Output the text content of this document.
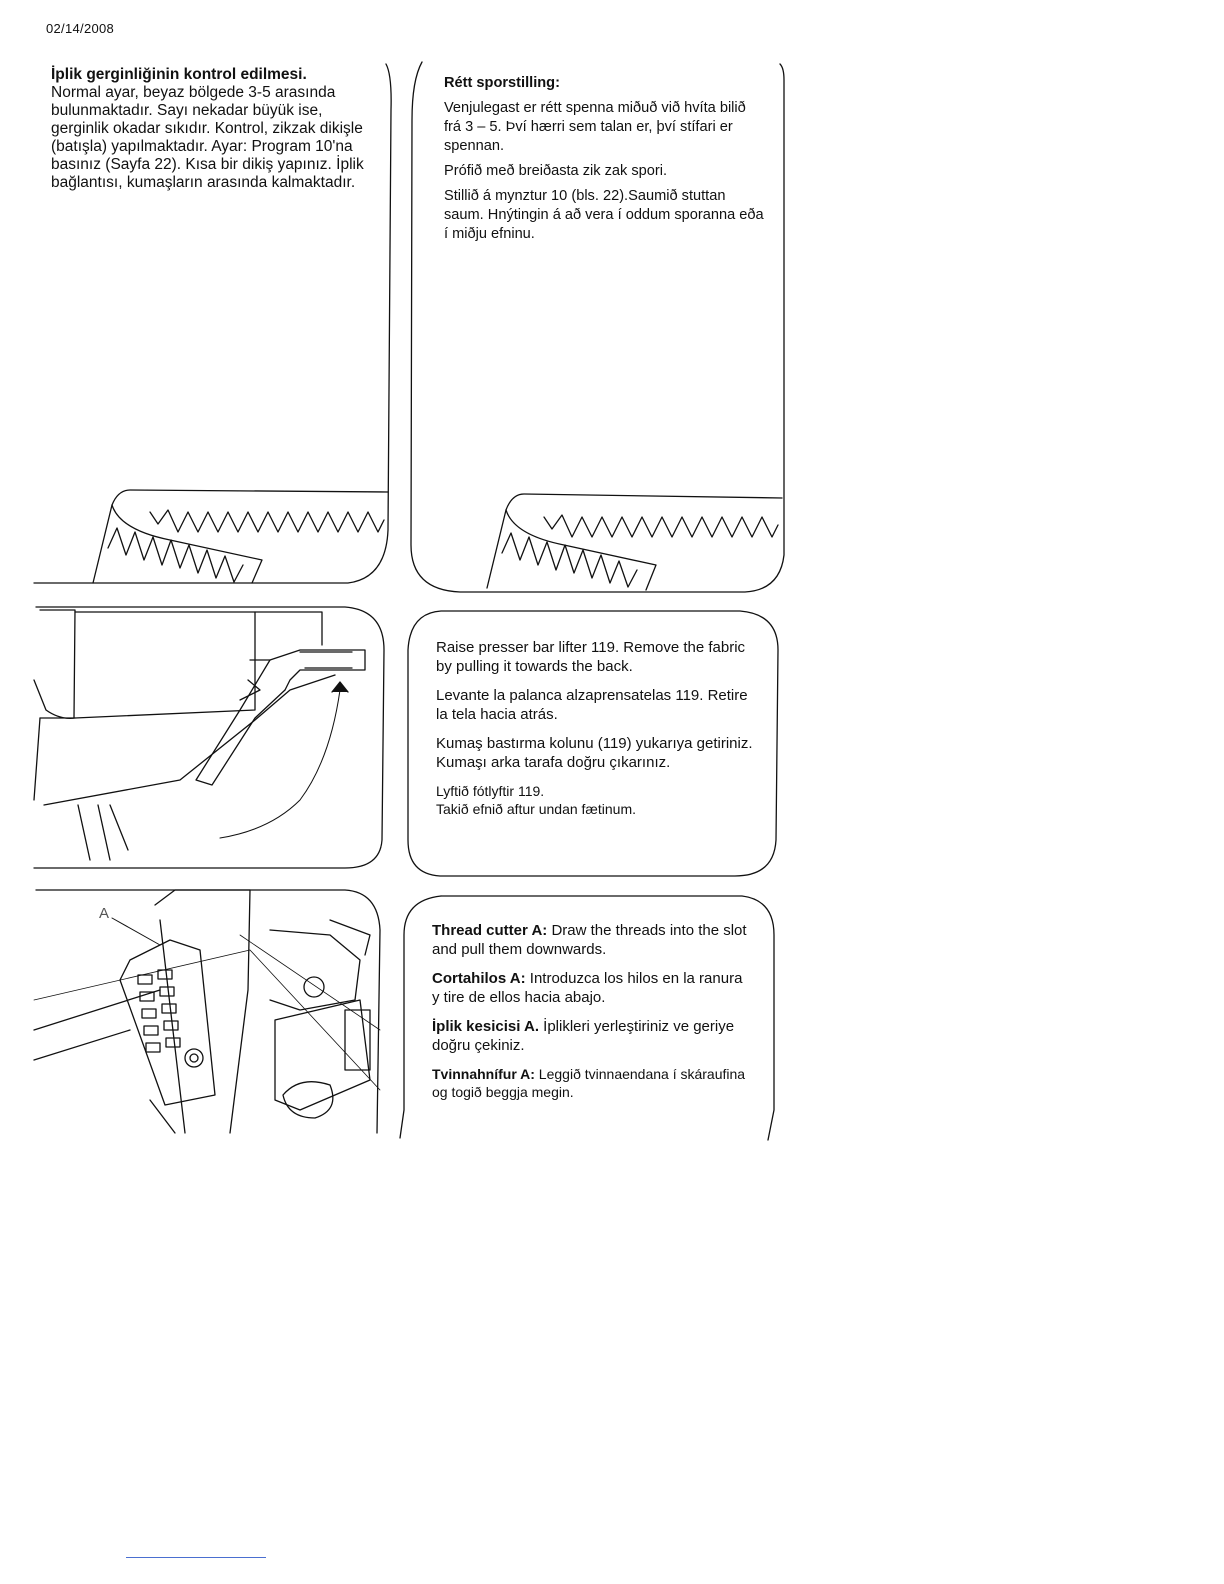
02/14/2008
A
İplik gerginliğinin kontrol edilmesi.
Normal ayar, beyaz bölgede 3-5 arasında bulunmaktadır. Sayı nekadar büyük ise, gerginlik okadar sıkıdır. Kontrol, zikzak dikişle (batışla) yapılmaktadır. Ayar: Program 10'na basınız (Sayfa 22). Kısa bir dikiş yapınız. İplik bağlantısı, kumaşların arasında kalmaktadır.

Rétt sporstilling:

Venjulegast er rétt spenna miðuð við hvíta bilið frá 3 – 5. Því hærri sem talan er, því stífari er spennan.

Prófið með breiðasta zik zak spori.

Stillið á mynztur 10 (bls. 22).Saumið stuttan saum. Hnýtingin á að vera í oddum sporanna eða í miðju efninu.

Raise presser bar lifter 119. Remove the fabric by pulling it towards the back.

Levante la palanca alzaprensatelas 119. Retire la tela hacia atrás.

Kumaş bastırma kolunu (119) yukarıya getiriniz. Kumaşı arka tarafa doğru çıkarınız.

Lyftið fótlyftir 119.

Takið efnið aftur undan fætinum.

Thread cutter A: Draw the threads into the slot and pull them downwards.

Cortahilos A: Introduzca los hilos en la ranura y tire de ellos hacia abajo.

İplik kesicisi A. İplikleri yerleştiriniz ve geriye doğru çekiniz.

Tvinnahnífur A: Leggið tvinnaendana í skáraufina og togið beggja megin.
